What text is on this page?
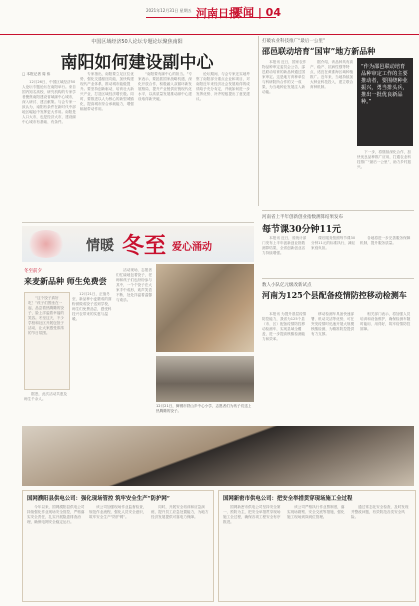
2021年12月31日 星期五 河南日报
要闻 | 04
中国区域经济50人论坛专题论坛聚焦南阳
南阳如何建设副中心
□ 本报记者 周 伟
　　12月26日，中国区域经济50人论坛专题论坛在南阳举行。来自国内知名高校、研究机构的专家学者聚焦南阳建设省域副中心城市，深入研讨、建言献策。与会专家一致认为，南阳有条件在新时代中部地区崛起中发挥更大作用。南阳是人口大市，也是经济大市，建设副中心城市有基础、有条件。
　　专家指出，南阳要立足区位优势，强化交通枢纽功能，加快构建现代产业体系，推动城市能级提升。要坚持创新驱动，培育壮大新兴产业，打造区域经济增长极。同时，要推进以人为核心的新型城镇化，提高城市综合承载能力，增强辐射带动作用。
　　“南阳要有副中心的担当。”专家表示，要抢抓国家战略机遇，深化开放合作，积极融入双循环新发展格局，提升产业链供应链现代化水平，以高质量发展推动副中心建设取得新突破。
　　论坛期间，与会专家还实地考察了南阳部分重点企业和项目，对南阳近年来经济社会发展取得的成绩给予充分肯定，并就如何进一步发挥优势、补齐短板提出了意见建议。
打破农业科技推广“最后一公里”
邵邑联动培育“国审”地方新品种
　　本报讯 近日，国家农作物品种审定委员会公告，邵邑联动培育的新品种通过国家审定。这是地方育种单位与科研院所合作的又一成果，为当地种业发展注入新动能。
　　据介绍，该品种具有高产、稳产、抗病性强等特点，适宜在黄淮海区域种植推广。近年来，当地持续加大种业科技投入，建立联合育种机制。
“作为邵邑联动培育品种审定工作的主要推动者，要围绕种业振兴，勇当排头兵，推出一批优良新品种。”
　　下一步，将继续深化合作，加快优良品种推广应用，打通农业科技推广“最后一公里”，助力乡村振兴。
情暖 冬至 爱心涌动
冬至前夕
来麦新品种 师生免费尝
　　“这个饺子真好吃！”孩子们围坐在一起，品尝着热腾腾的饺子，脸上洋溢着幸福的笑容。冬至这天，不少学校和社区开展包饺子活动，让大家感受浓浓的节日氛围。
　　12月21日，正值冬至，新品种小麦磨成的面粉被做成饺子送到学校，师生们免费品尝，感受科技兴农带来的实惠与温暖。
　　据悉，此次活动共惠及师生千余人。
　　活动现场，志愿者们忙碌地包着饺子，老师和孩子们也纷纷参与其中，一个个饺子在大家手中成形，欢声笑语不断，处处洋溢着温馨与欢乐。
12月21日，舞钢市铁山乡中心小学，志愿者们为孩子们送上热腾腾的饺子。
河南省上半年创新创业指数测算结果发布
每节课30分钟11元
　　本报讯 近日，省统计部门发布上半年创新创业指数测算结果，全省创新创业活力持续增强。
　　课后服务按照每节课30分钟11元的标准执行，减轻家庭负担。
　　各地将进一步完善服务保障机制，提升服务质量。
数人小队亿元级改新试点
河南为125个县配备疫情防控移动检测车
　　本报讯 为提升基层疫情防控能力，我省为125个县（市、区）配备疫情防控移动检测车，实现县域全覆盖，进一步提高核酸检测能力和效率。
　　移动检测车具备快速部署、机动灵活等优势，可在突发疫情时迅速开展大规模核酸检测，为精准防控提供有力支撑。
　　相关部门表示，将加强人员培训和设备维护，确保检测车随时能用、用得好，筑牢疫情防控屏障。
国网濮阳县供电公司：强化现场管控 筑牢安全生产“防护网”
　　今年以来，国网濮阳县供电公司持续强化作业现场安全管控，严格落实安全责任，扎实开展隐患排查治理，确保电网安全稳定运行。
　　该公司加强现场作业监督检查，规范作业流程，强化人员安全意识，筑牢安全生产“防护网”。
　　同时，开展安全培训和应急演练，提升员工应急处置能力，为地方经济发展提供可靠电力保障。
国网新密市供电公司：把安全举措贯穿现场施工全过程
　　国网新密市供电公司坚持安全第一、预防为主，把安全举措贯穿现场施工全过程，确保各项工程安全有序推进。
　　该公司严格执行作业票制度，落实现场勘察、安全交底等措施，强化施工现场到岗到位管理。
　　通过常态化安全检查，及时发现并整改问题，有效防范各类安全风险。
